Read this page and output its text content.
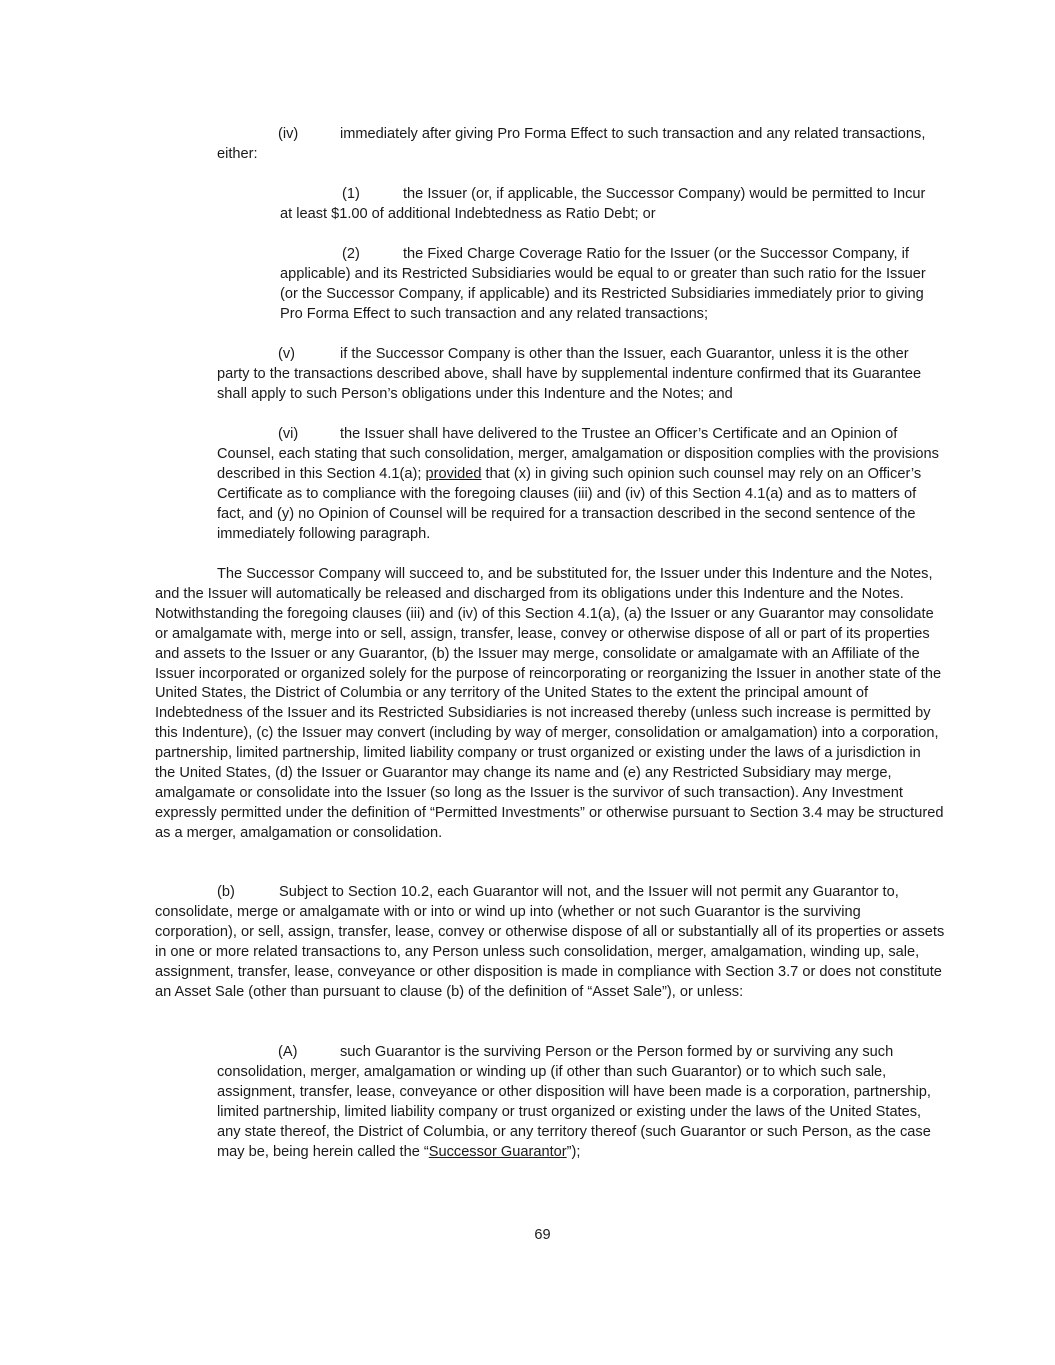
(iv)	immediately after giving Pro Forma Effect to such transaction and any related transactions, either:

(1)	the Issuer (or, if applicable, the Successor Company) would be permitted to Incur at least $1.00 of additional Indebtedness as Ratio Debt; or

(2)	the Fixed Charge Coverage Ratio for the Issuer (or the Successor Company, if applicable) and its Restricted Subsidiaries would be equal to or greater than such ratio for the Issuer (or the Successor Company, if applicable) and its Restricted Subsidiaries immediately prior to giving Pro Forma Effect to such transaction and any related transactions;

(v)	if the Successor Company is other than the Issuer, each Guarantor, unless it is the other party to the transactions described above, shall have by supplemental indenture confirmed that its Guarantee shall apply to such Person’s obligations under this Indenture and the Notes; and

(vi)	the Issuer shall have delivered to the Trustee an Officer’s Certificate and an Opinion of Counsel, each stating that such consolidation, merger, amalgamation or disposition complies with the provisions described in this Section 4.1(a); provided that (x) in giving such opinion such counsel may rely on an Officer’s Certificate as to compliance with the foregoing clauses (iii) and (iv) of this Section 4.1(a) and as to matters of fact, and (y) no Opinion of Counsel will be required for a transaction described in the second sentence of the immediately following paragraph.

The Successor Company will succeed to, and be substituted for, the Issuer under this Indenture and the Notes, and the Issuer will automatically be released and discharged from its obligations under this Indenture and the Notes. Notwithstanding the foregoing clauses (iii) and (iv) of this Section 4.1(a), (a) the Issuer or any Guarantor may consolidate or amalgamate with, merge into or sell, assign, transfer, lease, convey or otherwise dispose of all or part of its properties and assets to the Issuer or any Guarantor, (b) the Issuer may merge, consolidate or amalgamate with an Affiliate of the Issuer incorporated or organized solely for the purpose of reincorporating or reorganizing the Issuer in another state of the United States, the District of Columbia or any territory of the United States to the extent the principal amount of Indebtedness of the Issuer and its Restricted Subsidiaries is not increased thereby (unless such increase is permitted by this Indenture), (c) the Issuer may convert (including by way of merger, consolidation or amalgamation) into a corporation, partnership, limited partnership, limited liability company or trust organized or existing under the laws of a jurisdiction in the United States, (d) the Issuer or Guarantor may change its name and (e) any Restricted Subsidiary may merge, amalgamate or consolidate into the Issuer (so long as the Issuer is the survivor of such transaction). Any Investment expressly permitted under the definition of “Permitted Investments” or otherwise pursuant to Section 3.4 may be structured as a merger, amalgamation or consolidation.

(b)	Subject to Section 10.2, each Guarantor will not, and the Issuer will not permit any Guarantor to, consolidate, merge or amalgamate with or into or wind up into (whether or not such Guarantor is the surviving corporation), or sell, assign, transfer, lease, convey or otherwise dispose of all or substantially all of its properties or assets in one or more related transactions to, any Person unless such consolidation, merger, amalgamation, winding up, sale, assignment, transfer, lease, conveyance or other disposition is made in compliance with Section 3.7 or does not constitute an Asset Sale (other than pursuant to clause (b) of the definition of “Asset Sale”), or unless:

(A)	such Guarantor is the surviving Person or the Person formed by or surviving any such consolidation, merger, amalgamation or winding up (if other than such Guarantor) or to which such sale, assignment, transfer, lease, conveyance or other disposition will have been made is a corporation, partnership, limited partnership, limited liability company or trust organized or existing under the laws of the United States, any state thereof, the District of Columbia, or any territory thereof (such Guarantor or such Person, as the case may be, being herein called the “Successor Guarantor”);

69
